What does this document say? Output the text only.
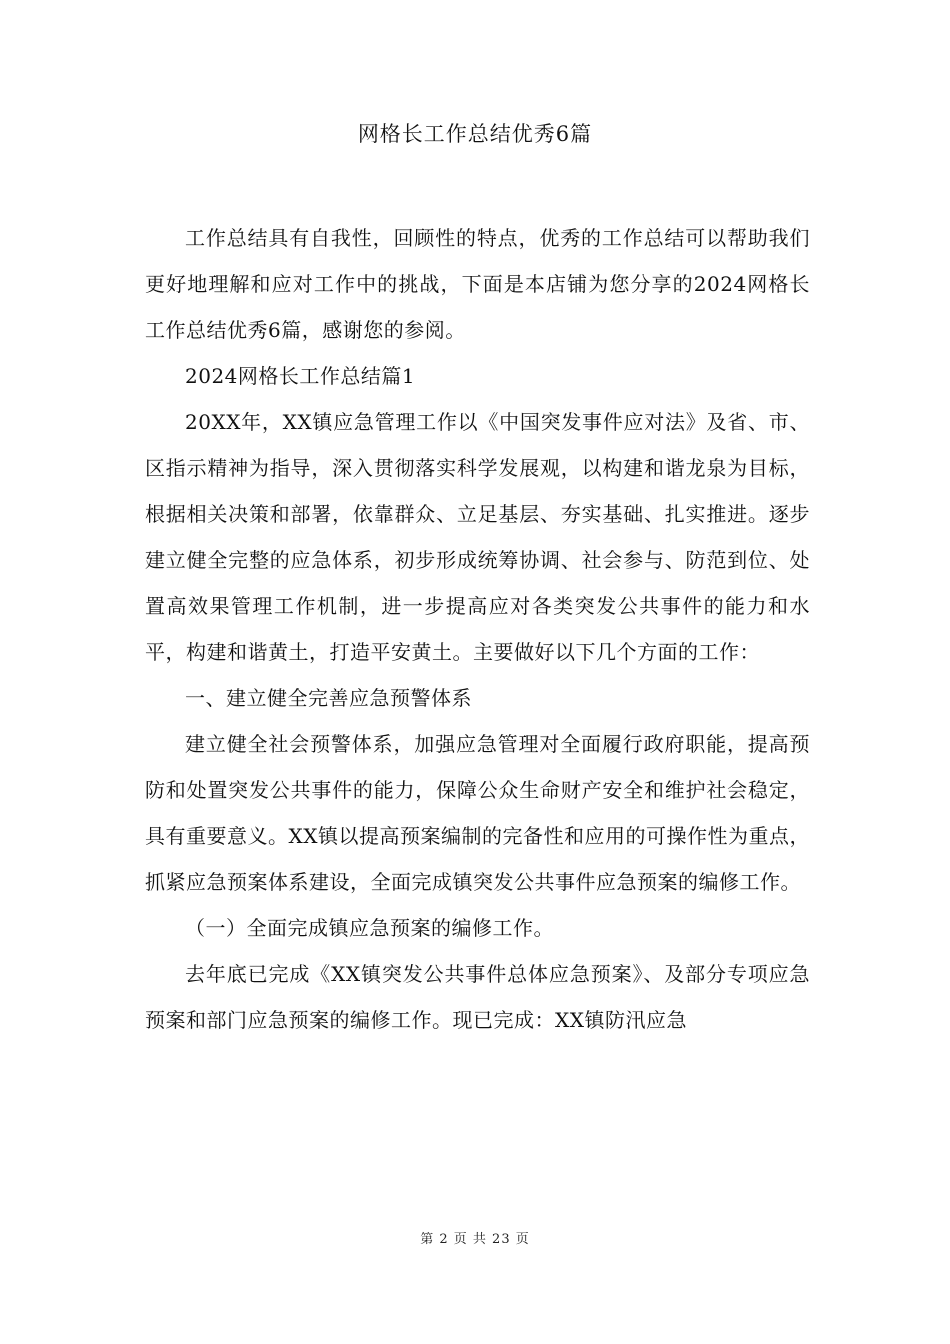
网格长工作总结优秀6篇

工作总结具有自我性，回顾性的特点，优秀的工作总结可以帮助我们更好地理解和应对工作中的挑战，下面是本店铺为您分享的2024网格长工作总结优秀6篇，感谢您的参阅。

2024网格长工作总结篇1

20XX年，XX镇应急管理工作以《中国突发事件应对法》及省、市、区指示精神为指导，深入贯彻落实科学发展观，以构建和谐龙泉为目标，根据相关决策和部署，依靠群众、立足基层、夯实基础、扎实推进。逐步建立健全完整的应急体系，初步形成统筹协调、社会参与、防范到位、处置高效果管理工作机制，进一步提高应对各类突发公共事件的能力和水平，构建和谐黄土，打造平安黄土。主要做好以下几个方面的工作：

一、建立健全完善应急预警体系

建立健全社会预警体系，加强应急管理对全面履行政府职能，提高预防和处置突发公共事件的能力，保障公众生命财产安全和维护社会稳定，具有重要意义。XX镇以提高预案编制的完备性和应用的可操作性为重点，抓紧应急预案体系建设，全面完成镇突发公共事件应急预案的编修工作。

（一）全面完成镇应急预案的编修工作。

去年底已完成《XX镇突发公共事件总体应急预案》、及部分专项应急预案和部门应急预案的编修工作。现已完成：XX镇防汛应急

第 2 页 共 23 页
